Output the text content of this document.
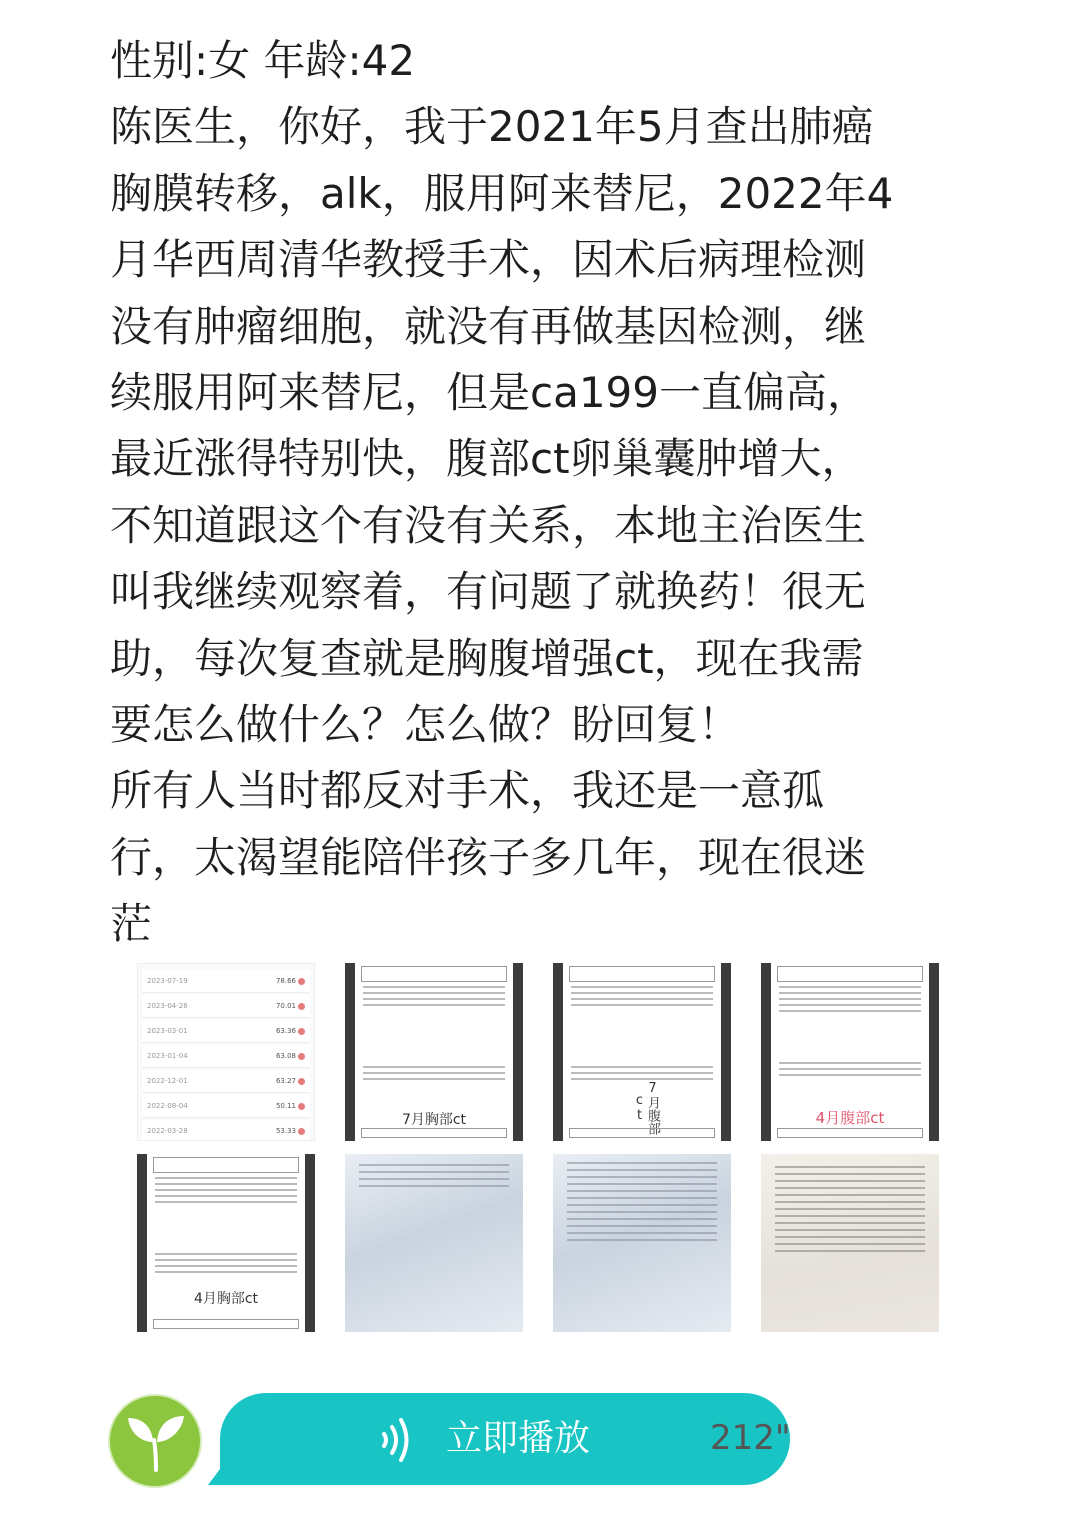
性别:女 年龄:42
陈医生，你好，我于2021年5月查出肺癌
胸膜转移，alk，服用阿来替尼，2022年4
月华西周清华教授手术，因术后病理检测
没有肿瘤细胞，就没有再做基因检测，继
续服用阿来替尼，但是ca199一直偏高，
最近涨得特别快，腹部ct卵巢囊肿增大，
不知道跟这个有没有关系，本地主治医生
叫我继续观察着，有问题了就换药！很无
助，每次复查就是胸腹增强ct，现在我需
要怎么做什么？怎么做？盼回复！
所有人当时都反对手术，我还是一意孤
行，太渴望能陪伴孩子多几年，现在很迷
茫
2023-07-19	78.66
2023-04-26	70.01
2023-03-01	63.36
2023-01-04	63.08
2022-12-01	63.27
2022-08-04	50.11
2022-03-28	53.33
7月胸部ct	7月腹部ct	4月腹部ct
4月胸部ct
立即播放	212"
